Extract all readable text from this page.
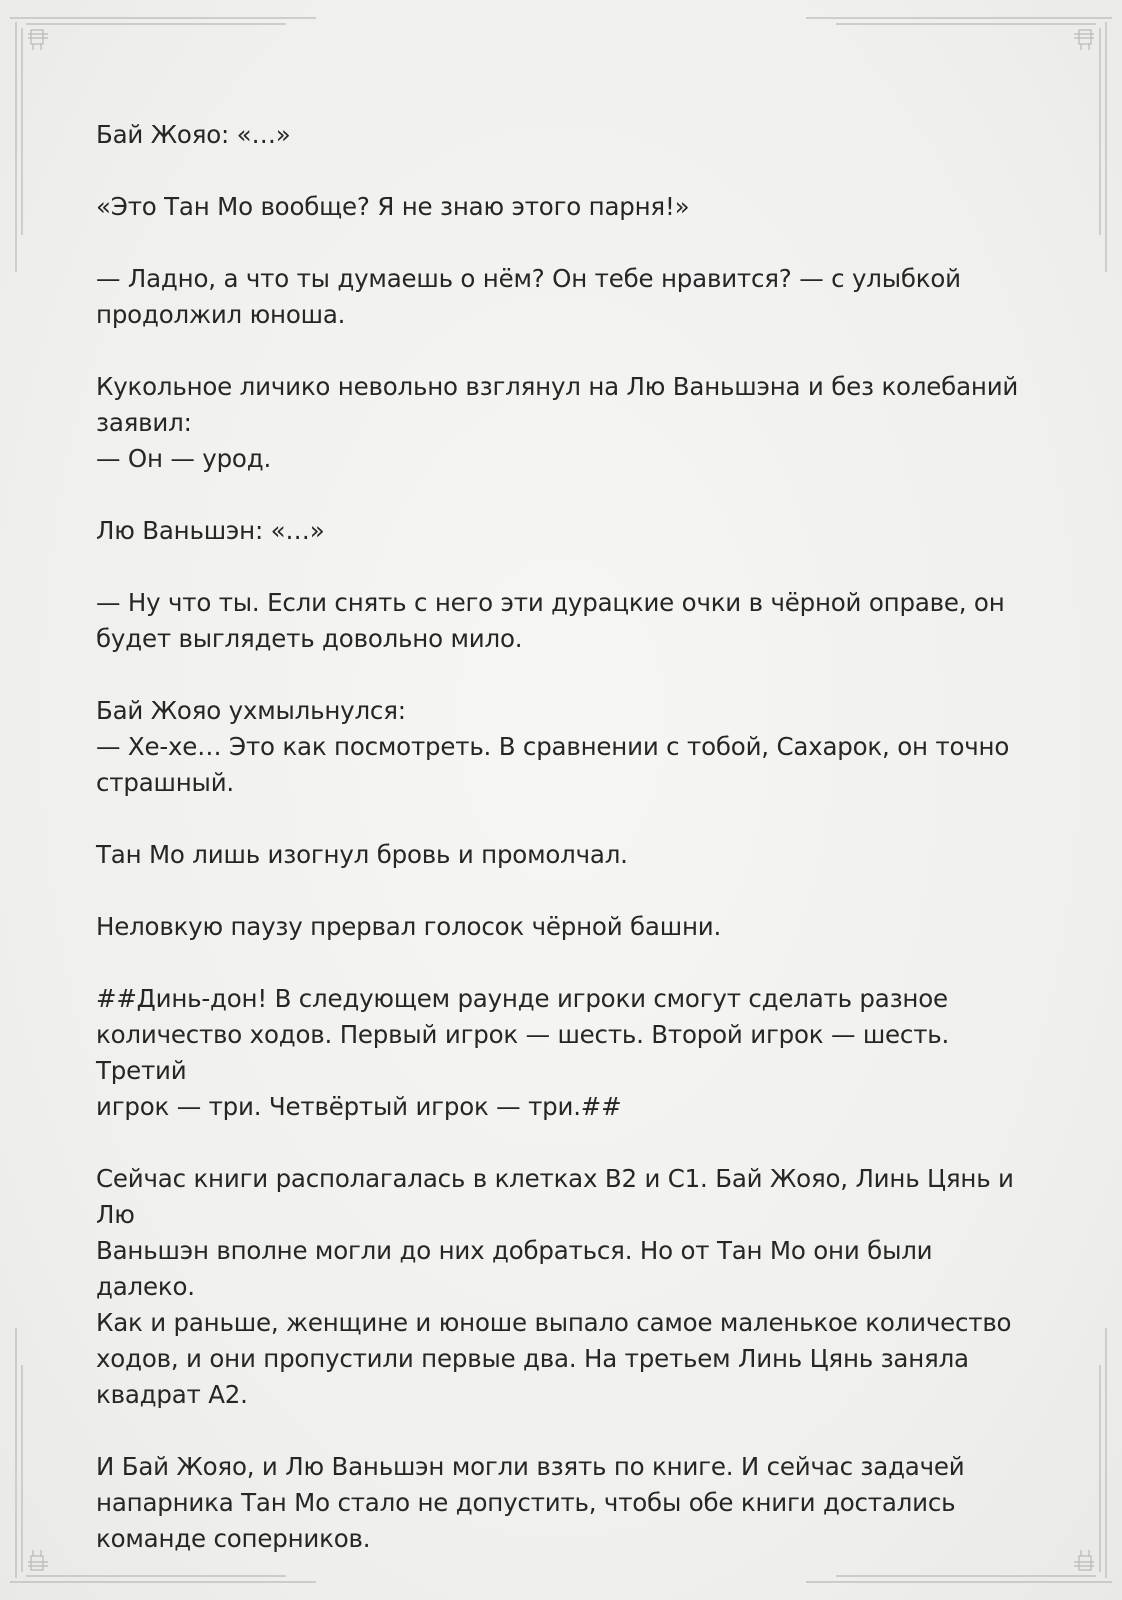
Бай Жояо: «…»

«Это Тан Мо вообще? Я не знаю этого парня!»

— Ладно, а что ты думаешь о нём? Он тебе нравится? — с улыбкой
продолжил юноша.

Кукольное личико невольно взглянул на Лю Ваньшэна и без колебаний
заявил:
— Он — урод.

Лю Ваньшэн: «…»

— Ну что ты. Если снять с него эти дурацкие очки в чёрной оправе, он
будет выглядеть довольно мило.

Бай Жояо ухмыльнулся:
— Хе-хе… Это как посмотреть. В сравнении с тобой, Сахарок, он точно
страшный.

Тан Мо лишь изогнул бровь и промолчал.

Неловкую паузу прервал голосок чёрной башни.

##Динь-дон! В следующем раунде игроки смогут сделать разное
количество ходов. Первый игрок — шесть. Второй игрок — шесть. Третий
игрок — три. Четвёртый игрок — три.##

Сейчас книги располагалась в клетках B2 и C1. Бай Жояо, Линь Цянь и Лю
Ваньшэн вполне могли до них добраться. Но от Тан Мо они были далеко.
Как и раньше, женщине и юноше выпало самое маленькое количество
ходов, и они пропустили первые два. На третьем Линь Цянь заняла
квадрат А2.

И Бай Жояо, и Лю Ваньшэн могли взять по книге. И сейчас задачей
напарника Тан Мо стало не допустить, чтобы обе книги достались
команде соперников.
